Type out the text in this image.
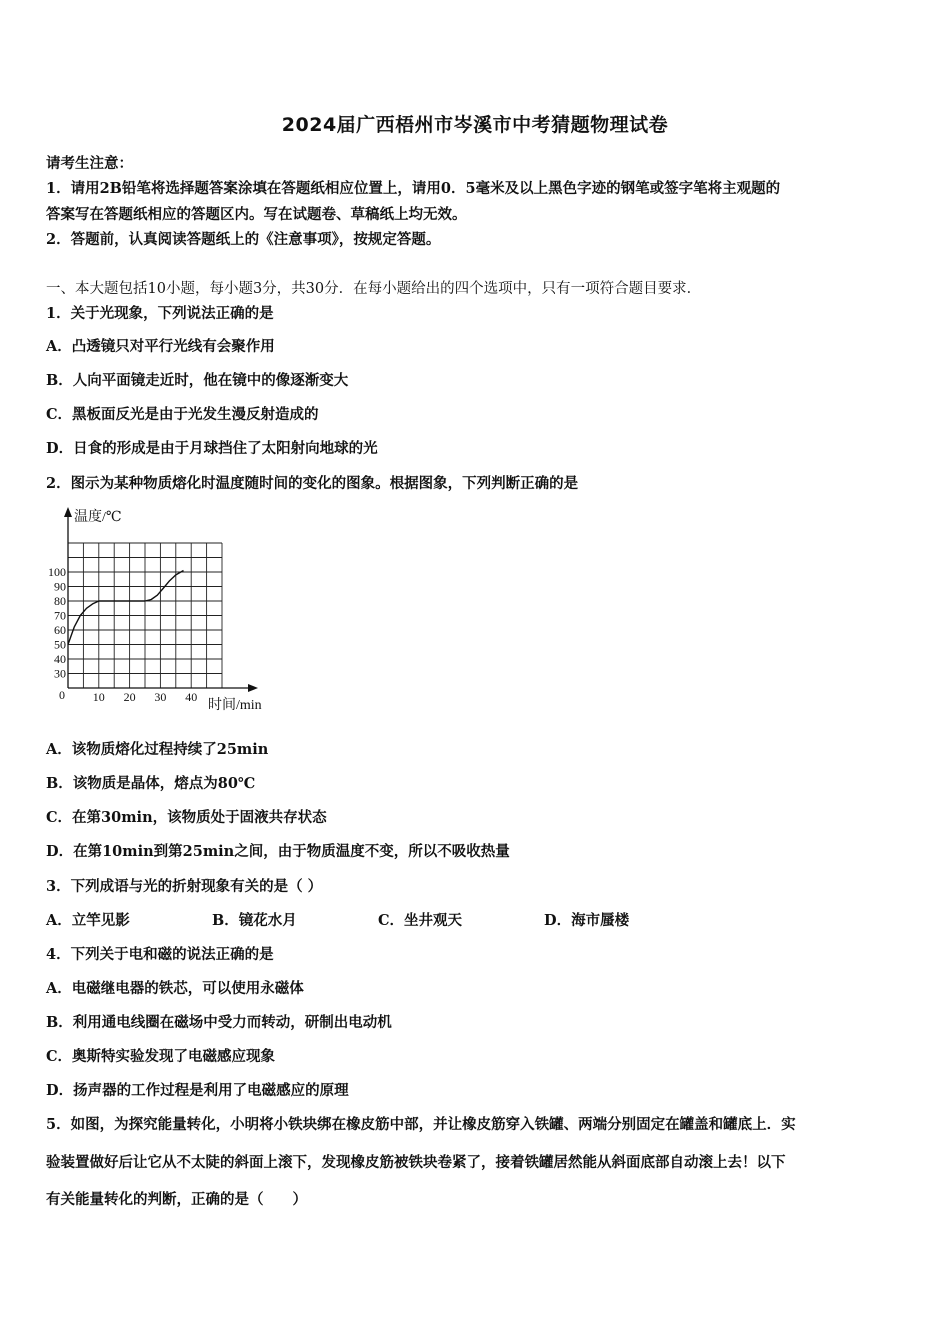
2024届广西梧州市岑溪市中考猜题物理试卷
请考生注意：
1．请用2B铅笔将选择题答案涂填在答题纸相应位置上，请用0．5毫米及以上黑色字迹的钢笔或签字笔将主观题的
答案写在答题纸相应的答题区内。写在试题卷、草稿纸上均无效。
2．答题前，认真阅读答题纸上的《注意事项》，按规定答题。
一、本大题包括10小题，每小题3分，共30分．在每小题给出的四个选项中，只有一项符合题目要求．
1．关于光现象，下列说法正确的是
A．凸透镜只对平行光线有会聚作用
B．人向平面镜走近时，他在镜中的像逐渐变大
C．黑板面反光是由于光发生漫反射造成的
D．日食的形成是由于月球挡住了太阳射向地球的光
2．图示为某种物质熔化时温度随时间的变化的图象。根据图象，下列判断正确的是
30
40
50
60
70
80
90
100
10 20 30 40
温度/℃
时间/min
0
A．该物质熔化过程持续了25min
B．该物质是晶体，熔点为80℃
C．在第30min，该物质处于固液共存状态
D．在第10min到第25min之间，由于物质温度不变，所以不吸收热量
3．下列成语与光的折射现象有关的是（ ）
A．立竿见影	B．镜花水月	C．坐井观天	D．海市蜃楼
4．下列关于电和磁的说法正确的是
A．电磁继电器的铁芯，可以使用永磁体
B．利用通电线圈在磁场中受力而转动，研制出电动机
C．奥斯特实验发现了电磁感应现象
D．扬声器的工作过程是利用了电磁感应的原理
5．如图，为探究能量转化，小明将小铁块绑在橡皮筋中部，并让橡皮筋穿入铁罐、两端分别固定在罐盖和罐底上．实
验装置做好后让它从不太陡的斜面上滚下，发现橡皮筋被铁块卷紧了，接着铁罐居然能从斜面底部自动滚上去！以下
有关能量转化的判断，正确的是（　　）
